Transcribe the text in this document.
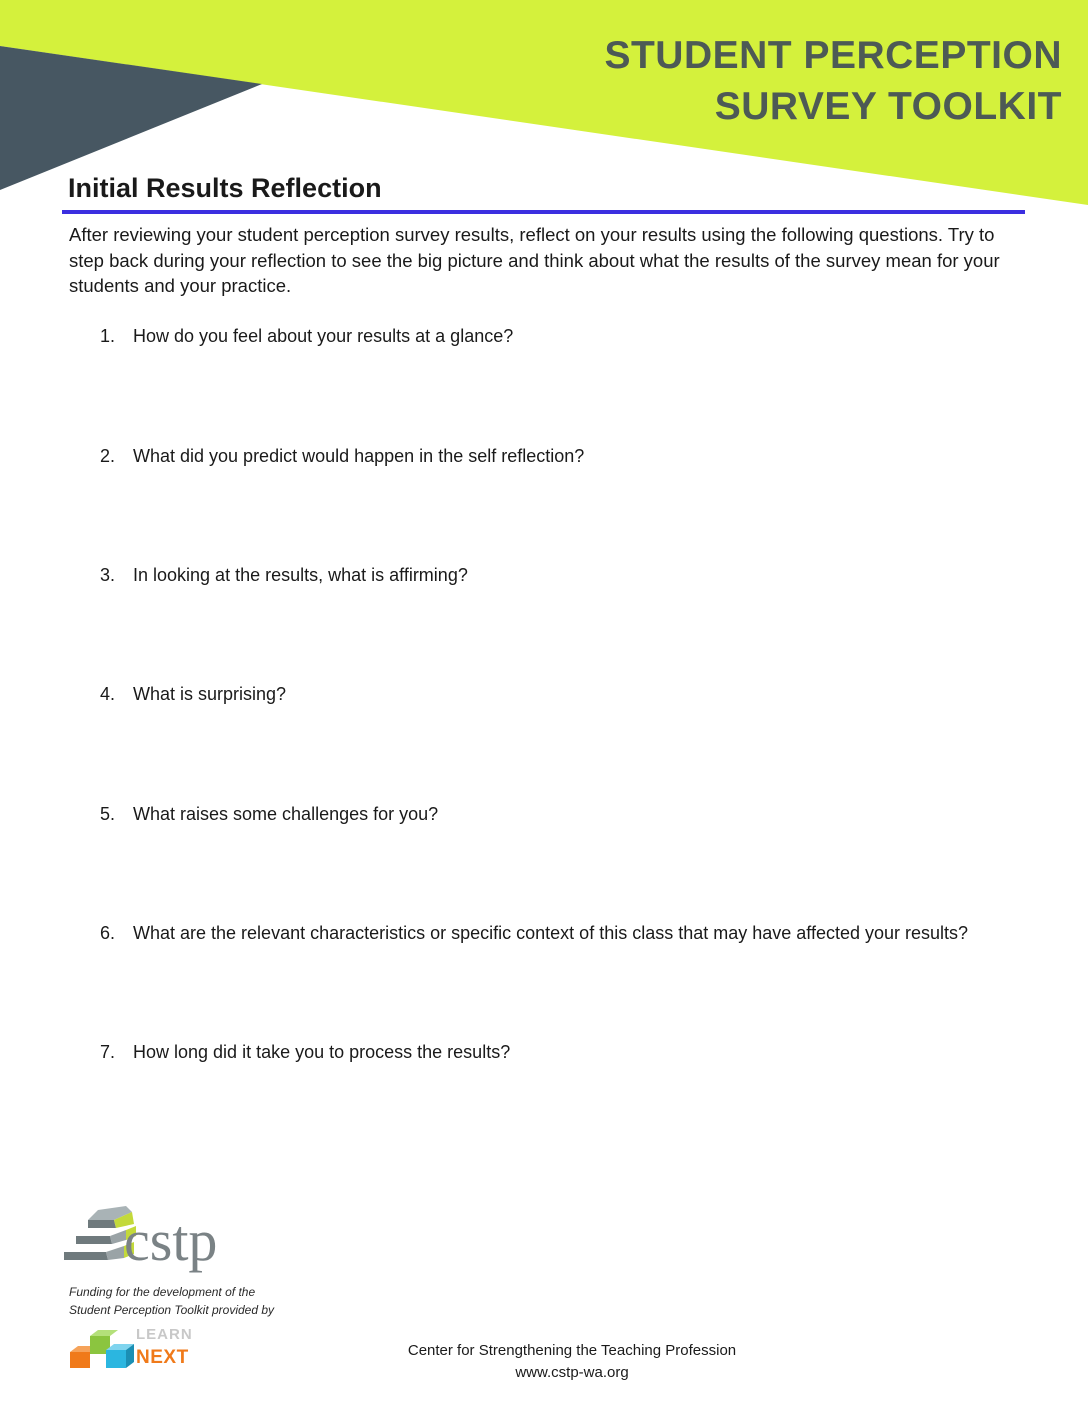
STUDENT PERCEPTION
SURVEY TOOLKIT
Initial Results Reflection

After reviewing your student perception survey results, reflect on your results using the following questions. Try to step back during your reflection to see the big picture and think about what the results of the survey mean for your students and your practice.

1. How do you feel about your results at a glance?
2. What did you predict would happen in the self reflection?
3. In looking at the results, what is affirming?
4. What is surprising?
5. What raises some challenges for you?
6. What are the relevant characteristics or specific context of this class that may have affected your results?
7. How long did it take you to process the results?
cstp

Funding for the development of the
Student Perception Toolkit provided by

LEARN
NEXT	Center for Strengthening the Teaching Profession
www.cstp-wa.org
